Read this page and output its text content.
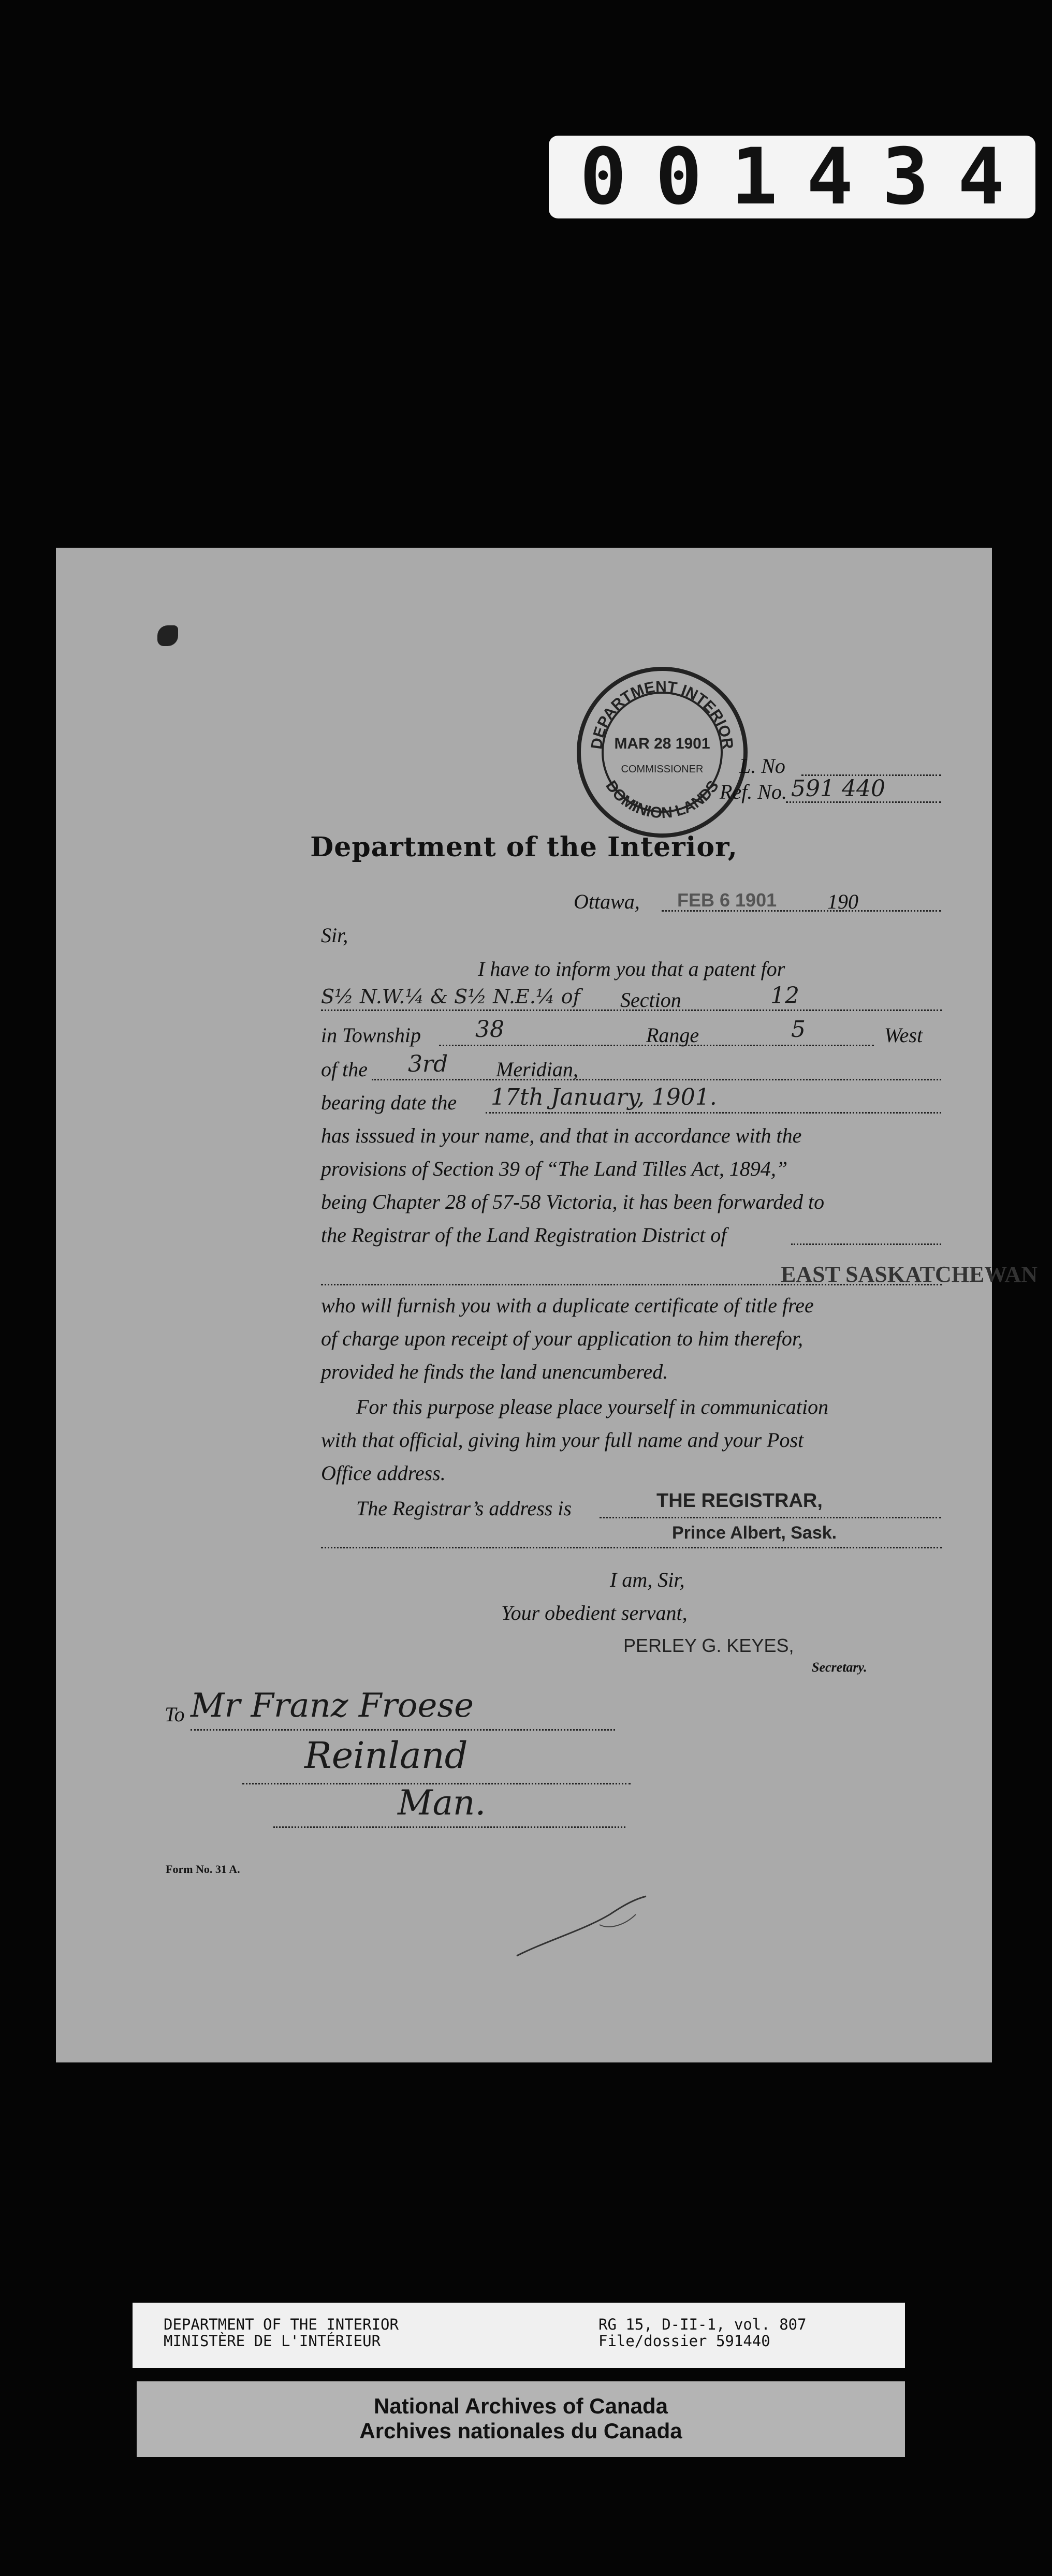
0 0 1 4 3 4
DEPARTMENT INTERIOR
DOMINION LANDS
MAR 28 1901
COMMISSIONER L. No
Ref. No. 591 440
Department of the Interior,
Ottawa, FEB 6 1901 190
Sir,
I have to inform you that a patent for
S½ N.W.¼ & S½ N.E.¼ of Section	12
in Township 38	Range	5	West
of the 3rd Meridian,
bearing date the 17th January, 1901.
has isssued in your name, and that in accordance with the
provisions of Section 39 of “The Land Tilles Act, 1894,”
being Chapter 28 of 57-58 Victoria, it has been forwarded to
the Registrar of the Land Registration District of
EAST SASKATCHEWAN
who will furnish you with a duplicate certificate of title free
of charge upon receipt of your application to him therefor,
provided he finds the land unencumbered.
For this purpose please place yourself in communication
with that official, giving him your full name and your Post
Office address.
The Registrar’s address is	THE REGISTRAR,
Prince Albert, Sask.
I am, Sir,
Your obedient servant,
PERLEY G. KEYES,
Secretary.
To Mr Franz Froese
Reinland
Man.
Form No. 31 A.
DEPARTMENT OF THE INTERIOR
MINISTÈRE DE L'INTÉRIEUR
RG 15, D-II-1, vol. 807
File/dossier 591440
National Archives of Canada
Archives nationales du Canada
